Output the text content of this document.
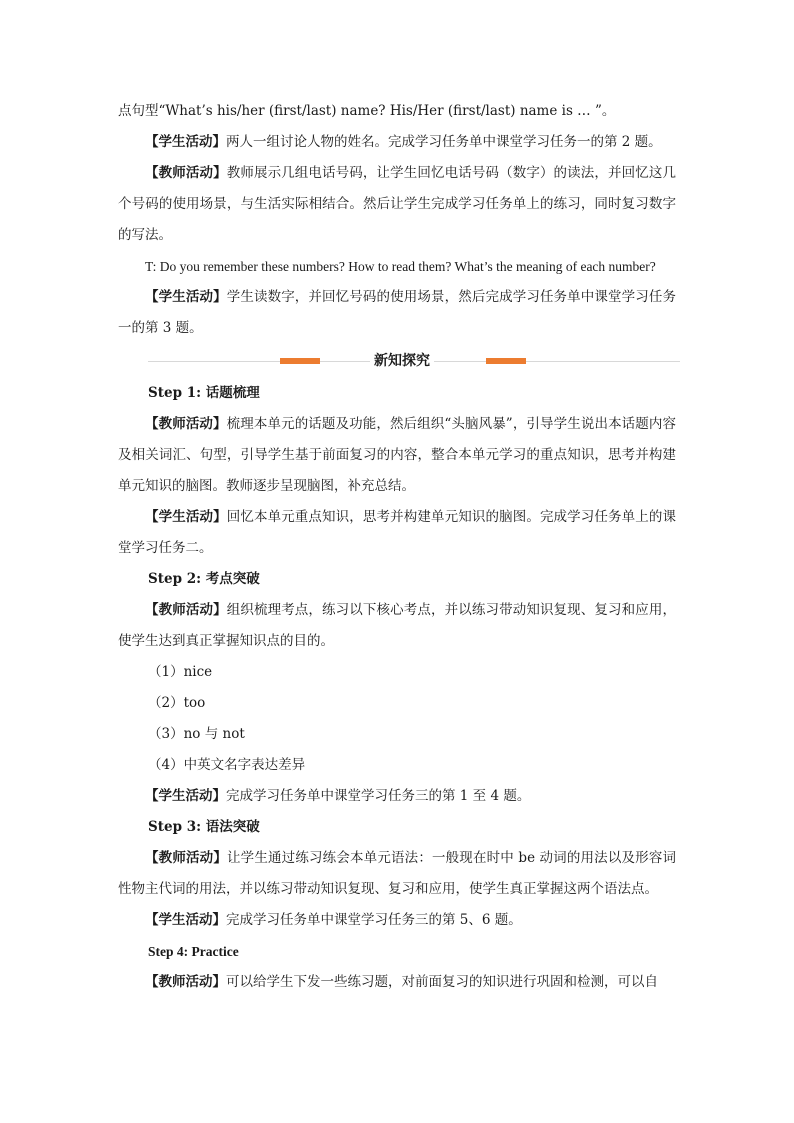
点句型“What’s his/her (first/last) name? His/Her (first/last) name is … ”。

【学生活动】两人一组讨论人物的姓名。完成学习任务单中课堂学习任务一的第 2 题。

【教师活动】教师展示几组电话号码，让学生回忆电话号码（数字）的读法，并回忆这几个号码的使用场景，与生活实际相结合。然后让学生完成学习任务单上的练习，同时复习数字的写法。

T: Do you remember these numbers? How to read them? What’s the meaning of each number?

【学生活动】学生读数字，并回忆号码的使用场景，然后完成学习任务单中课堂学习任务一的第 3 题。

新知探究

Step 1: 话题梳理

【教师活动】梳理本单元的话题及功能，然后组织“头脑风暴”，引导学生说出本话题内容及相关词汇、句型，引导学生基于前面复习的内容，整合本单元学习的重点知识，思考并构建单元知识的脑图。教师逐步呈现脑图，补充总结。

【学生活动】回忆本单元重点知识，思考并构建单元知识的脑图。完成学习任务单上的课堂学习任务二。

Step 2: 考点突破

【教师活动】组织梳理考点，练习以下核心考点，并以练习带动知识复现、复习和应用，使学生达到真正掌握知识点的目的。

（1）nice

（2）too

（3）no 与 not

（4）中英文名字表达差异

【学生活动】完成学习任务单中课堂学习任务三的第 1 至 4 题。

Step 3: 语法突破

【教师活动】让学生通过练习练会本单元语法：一般现在时中 be 动词的用法以及形容词性物主代词的用法，并以练习带动知识复现、复习和应用，使学生真正掌握这两个语法点。

【学生活动】完成学习任务单中课堂学习任务三的第 5、6 题。

Step 4: Practice

【教师活动】可以给学生下发一些练习题，对前面复习的知识进行巩固和检测，可以自
